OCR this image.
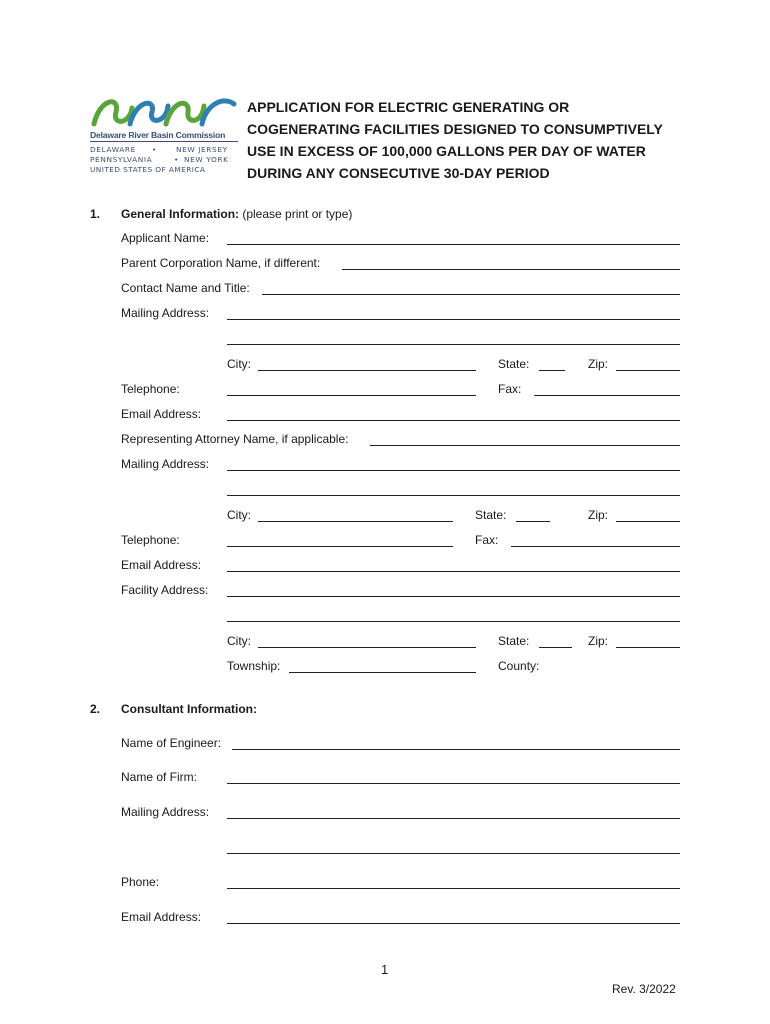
Delaware River Basin Commission
DELAWARE •	NEW JERSEY
PENNSYLVANIA	• NEW YORK
UNITED STATES OF AMERICA
APPLICATION FOR ELECTRIC GENERATING OR
COGENERATING FACILITIES DESIGNED TO CONSUMPTIVELY
USE IN EXCESS OF 100,000 GALLONS PER DAY OF WATER
DURING ANY CONSECUTIVE 30-DAY PERIOD
1. General Information: (please print or type)
Applicant Name:
Parent Corporation Name, if different:
Contact Name and Title:
Mailing Address:
City:	State:	Zip:
Telephone:	Fax:
Email Address:
Representing Attorney Name, if applicable:
Mailing Address:
City:	State:	Zip:
Telephone:	Fax:
Email Address:
Facility Address:
City:	State:	Zip:
Township:	County:
2. Consultant Information:
Name of Engineer:
Name of Firm:
Mailing Address:
Phone:
Email Address:
1
Rev. 3/2022
